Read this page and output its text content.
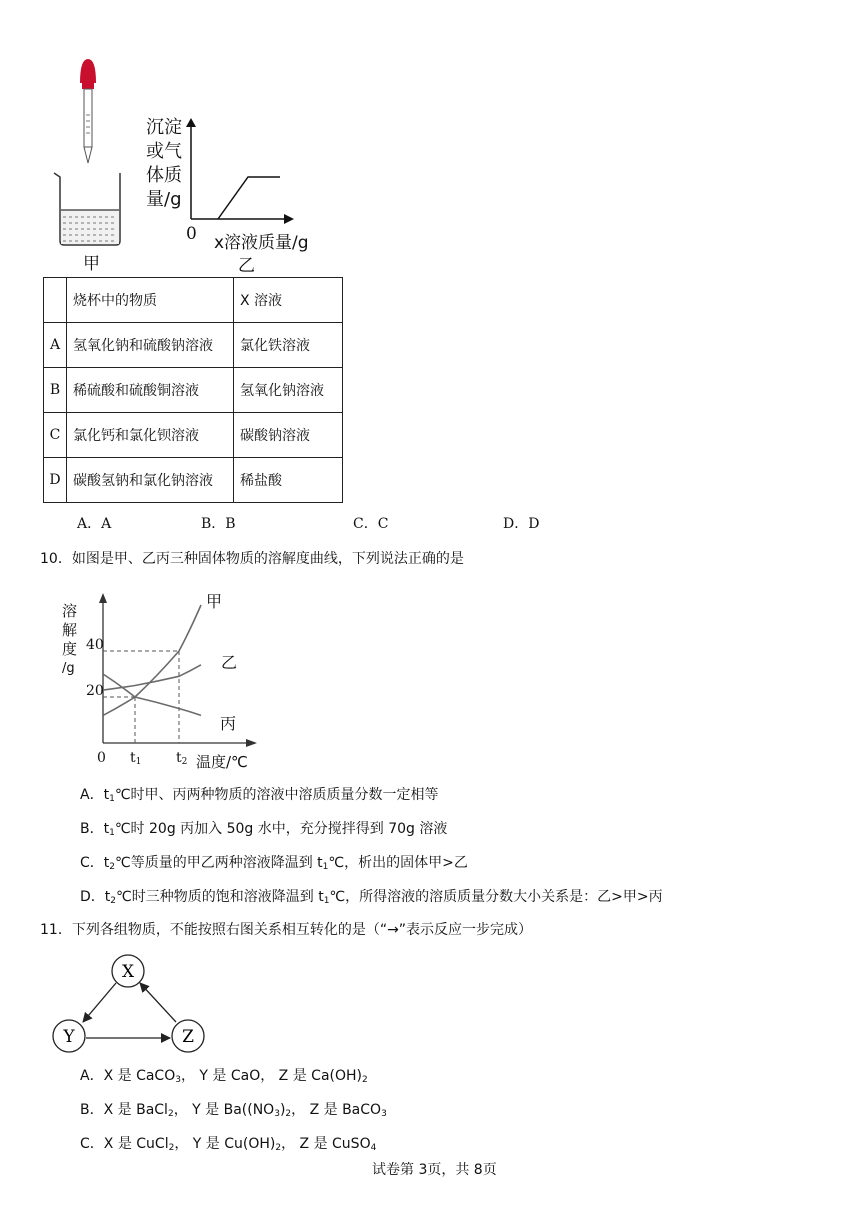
甲
沉淀
或气
体质
量/g
0 x溶液质量/g
乙
	烧杯中的物质	X 溶液
A	氢氧化钠和硫酸钠溶液	氯化铁溶液
B	稀硫酸和硫酸铜溶液	氢氧化钠溶液
C	氯化钙和氯化钡溶液	碳酸钠溶液
D	碳酸氢钠和氯化钠溶液	稀盐酸
A．A	B．B	C．C	D．D
10．如图是甲、乙丙三种固体物质的溶解度曲线，下列说法正确的是
溶
解
度
/g
0
20
40
$t_1$ $t_2$ 温度/℃
甲
乙
丙
A．$t_1℃$时甲、丙两种物质的溶液中溶质质量分数一定相等
B．$t_1℃$时 20g 丙加入 50g 水中，充分搅拌得到 70g 溶液
C．$t_2℃$等质量的甲乙两种溶液降温到 $t_1℃$，析出的固体甲>乙
D．$t_2℃$时三种物质的饱和溶液降温到 $t_1℃$，所得溶液的溶质质量分数大小关系是：乙>甲>丙
11．下列各组物质，不能按照右图关系相互转化的是（“→”表示反应一步完成）
X
Y	Z
A．X 是 CaCO$_3$， Y 是 CaO， Z 是 $Ca(OH)_2$
B．X 是 BaCl$_2$， Y 是 $Ba((NO_3)_2$， Z 是 BaCO$_3$
C．X 是 CuCl$_2$， Y 是 $Cu(OH)_2$， Z 是 CuSO$_4$
试卷第 3页，共 8页
